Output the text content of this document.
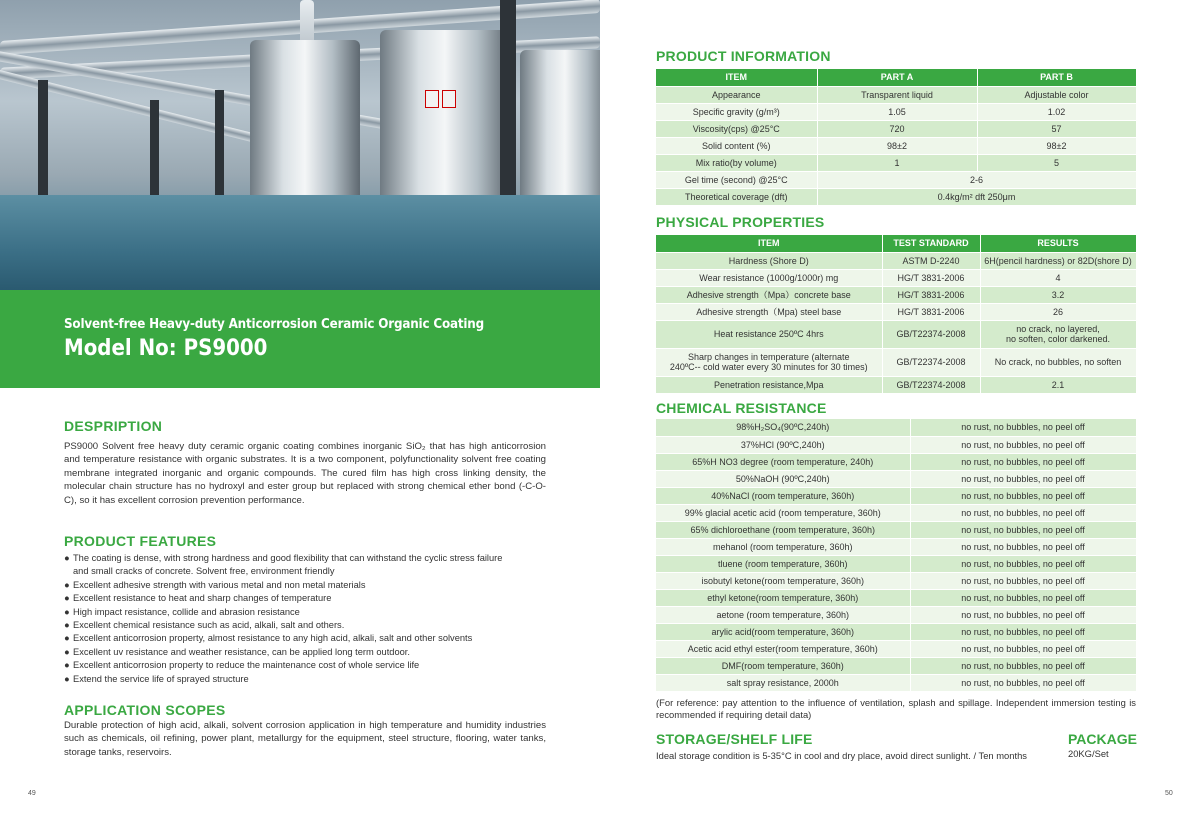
Solvent-free Heavy-duty Anticorrosion Ceramic Organic Coating
Model No: PS9000
DESPRIPTION
PS9000 Solvent free heavy duty ceramic organic coating combines inorganic SiO₂ that has high anticorrosion and temperature resistance with organic substrates. It is a two component, polyfunctionality solvent free coating membrane integrated inorganic and organic compounds. The cured film has high cross linking density, the molecular chain structure has no hydroxyl and ester group but replaced with strong chemical ether bond (-C-O-C), so it has excellent corrosion prevention performance.
PRODUCT FEATURES
● The coating is dense, with strong hardness and good flexibility that can withstand the cyclic stress failure
and small cracks of concrete. Solvent free, environment friendly
● Excellent adhesive strength with various metal and non metal materials
● Excellent resistance to heat and sharp changes of temperature
● High impact resistance, collide and abrasion resistance
● Excellent chemical resistance such as acid, alkali, salt and others.
● Excellent anticorrosion property, almost resistance to any high acid, alkali, salt and other solvents
● Excellent uv resistance and weather resistance, can be applied long term outdoor.
● Excellent anticorrosion property to reduce the maintenance cost of whole service life
● Extend the service life of sprayed structure
APPLICATION SCOPES
Durable protection of high acid, alkali, solvent corrosion application in high temperature and humidity industries such as chemicals, oil refining, power plant, metallurgy for the equipment, steel structure, flooring, water tanks, storage tanks, reservoirs.
49
PRODUCT INFORMATION
ITEM	PART A	PART B
Appearance	Transparent liquid	Adjustable color
Specific gravity (g/m³)	1.05	1.02
Viscosity(cps) @25°C	720	57
Solid content (%)	98±2	98±2
Mix ratio(by volume)	1	5
Gel time (second) @25°C	2-6	
Theoretical coverage (dft)	0.4kg/m² dft 250μm	
PHYSICAL PROPERTIES
ITEM	TEST STANDARD	RESULTS
Hardness (Shore D)	ASTM D-2240	6H(pencil hardness) or 82D(shore D)
Wear resistance (1000g/1000r) mg	HG/T 3831-2006	4
Adhesive strength（Mpa）concrete base	HG/T 3831-2006	3.2
Adhesive strength（Mpa) steel base	HG/T 3831-2006	26
Heat resistance 250ºC 4hrs	GB/T22374-2008	no crack, no layered,
no soften, color darkened.
Sharp changes in temperature (alternate
240ºC-- cold water every 30 minutes for 30 times)	GB/T22374-2008	No crack, no bubbles, no soften
Penetration resistance,Mpa	GB/T22374-2008	2.1
CHEMICAL RESISTANCE
98%H₂SO₄(90ºC,240h)	no rust, no bubbles, no peel off
37%HCl (90ºC,240h)	no rust, no bubbles, no peel off
65%H NO3 degree (room temperature, 240h)	no rust, no bubbles, no peel off
50%NaOH (90ºC,240h)	no rust, no bubbles, no peel off
40%NaCl (room temperature, 360h)	no rust, no bubbles, no peel off
99% glacial acetic acid (room temperature, 360h)	no rust, no bubbles, no peel off
65% dichloroethane (room temperature, 360h)	no rust, no bubbles, no peel off
mehanol (room temperature, 360h)	no rust, no bubbles, no peel off
tluene (room temperature, 360h)	no rust, no bubbles, no peel off
isobutyl ketone(room temperature, 360h)	no rust, no bubbles, no peel off
ethyl ketone(room temperature, 360h)	no rust, no bubbles, no peel off
aetone (room temperature, 360h)	no rust, no bubbles, no peel off
arylic acid(room temperature, 360h)	no rust, no bubbles, no peel off
Acetic acid ethyl ester(room temperature, 360h)	no rust, no bubbles, no peel off
DMF(room temperature, 360h)	no rust, no bubbles, no peel off
salt spray resistance, 2000h	no rust, no bubbles, no peel off
(For reference: pay attention to the influence of ventilation, splash and spillage. Independent immersion testing is recommended if requiring detail data)
STORAGE/SHELF LIFE
Ideal storage condition is 5-35°C in cool and dry place, avoid direct sunlight. / Ten months
PACKAGE
20KG/Set
50
